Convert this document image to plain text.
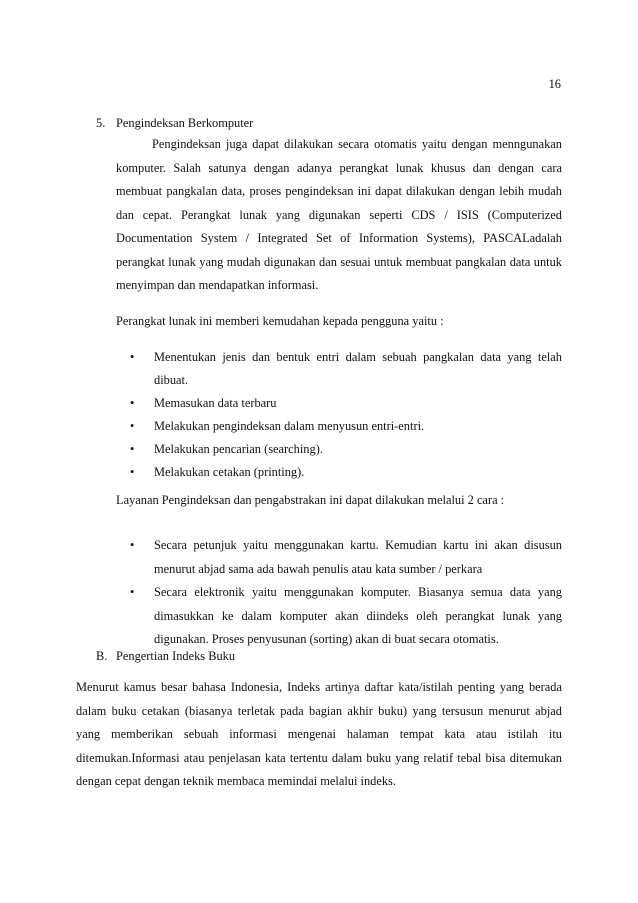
16
5. Pengindeksan Berkomputer
Pengindeksan juga dapat dilakukan secara otomatis yaitu dengan menngunakan komputer. Salah satunya dengan adanya perangkat lunak khusus dan dengan cara membuat pangkalan data, proses pengindeksan ini dapat dilakukan dengan lebih mudah dan cepat. Perangkat lunak yang digunakan seperti CDS / ISIS (Computerized Documentation System / Integrated Set of Information Systems), PASCALadalah perangkat lunak yang mudah digunakan dan sesuai untuk membuat pangkalan data untuk menyimpan dan mendapatkan informasi.
Perangkat lunak ini memberi kemudahan kepada pengguna yaitu :
• Menentukan jenis dan bentuk entri dalam sebuah pangkalan data yang telah dibuat.
• Memasukan data terbaru
• Melakukan pengindeksan dalam menyusun entri-entri.
• Melakukan pencarian (searching).
• Melakukan cetakan (printing).
Layanan Pengindeksan dan pengabstrakan ini dapat dilakukan melalui 2 cara :
• Secara petunjuk yaitu menggunakan kartu. Kemudian kartu ini akan disusun menurut abjad sama ada bawah penulis atau kata sumber / perkara
• Secara elektronik yaitu menggunakan komputer. Biasanya semua data yang dimasukkan ke dalam komputer akan diindeks oleh perangkat lunak yang digunakan. Proses penyusunan (sorting) akan di buat secara otomatis.
B. Pengertian Indeks Buku
Menurut kamus besar bahasa Indonesia, Indeks artinya daftar kata/istilah penting yang berada dalam buku cetakan (biasanya terletak pada bagian akhir buku) yang tersusun menurut abjad yang memberikan sebuah informasi mengenai halaman tempat kata atau istilah itu ditemukan.Informasi atau penjelasan kata tertentu dalam buku yang relatif tebal bisa ditemukan dengan cepat dengan teknik membaca memindai melalui indeks.
